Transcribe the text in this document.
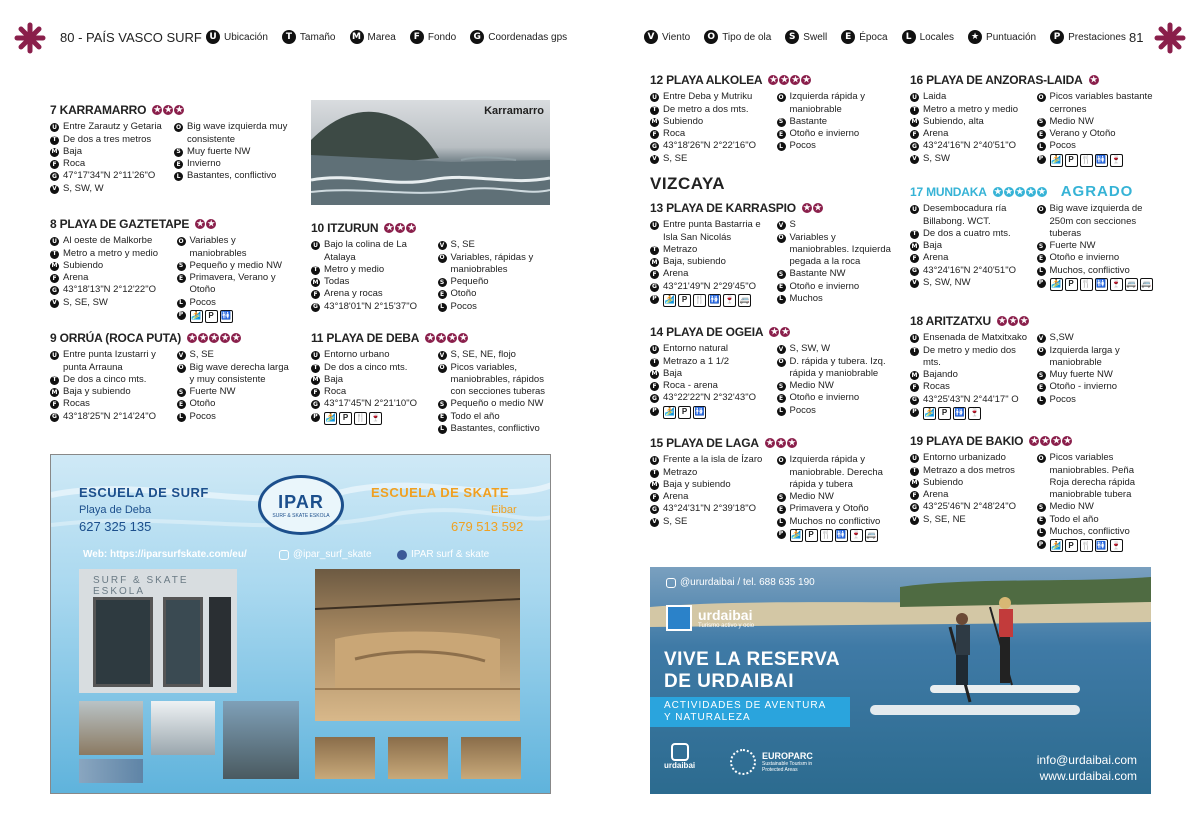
80 - PAÍS VASCO SURF U Ubicación	T Tamaño M Marea	F Fondo	G Coordenadas gps	V Viento	O Tipo de ola	S Swell	E Época	L Locales	★ Puntuación	P Prestaciones 81
Karramarro
7 KARRAMARRO ★ ★ ★
U Entre Zarautz y Getaria
T De dos a tres metros
M Baja
F Roca
G 47°17'34"N 2°11'26"O
V S, SW, W
O Big wave izquierda muy consistente
S Muy fuerte NW
E Invierno
L Bastantes, conflictivo
8 PLAYA DE GAZTETAPE ★ ★
U Al oeste de Malkorbe
T Metro a metro y medio
M Subiendo
F Arena
G 43°18'13"N 2°12'22"O
V S, SE, SW
O Variables y maniobrables
S Pequeño y medio NW
E Primavera, Verano y Otoño
L Pocos
P 🏄 P 🚻
9 ORRÚA (ROCA PUTA) ★ ★ ★ ★ ★
U Entre punta Izustarri y punta Arrauna
T De dos a cinco mts.
M Baja y subiendo
F Rocas
G 43°18'25"N 2°14'24"O
V S, SE
O Big wave derecha larga y muy consistente
S Fuerte NW
E Otoño
L Pocos
10 ITZURUN ★ ★ ★
U Bajo la colina de La Atalaya
T Metro y medio
M Todas
F Arena y rocas
G 43°18'01"N 2°15'37"O
V S, SE
O Variables, rápidas y maniobrables
S Pequeño
E Otoño
L Pocos
11 PLAYA DE DEBA ★ ★ ★ ★
U Entorno urbano
T De dos a cinco mts.
M Baja
F Roca
G 43°17'45"N 2°21'10"O
P 🏄 P 🍴 🍷
V S, SE, NE, flojo
O Picos variables, maniobrables, rápidos con secciones tuberas
S Pequeño o medio NW
E Todo el año
L Bastantes, conflictivo
12 PLAYA ALKOLEA ★ ★ ★ ★
U Entre Deba y Mutriku
T De metro a dos mts.
M Subiendo
F Roca
G 43°18'26"N 2°22'16"O
V S, SE
O Izquierda rápida y maniobrable
S Bastante
E Otoño e invierno
L Pocos
VIZCAYA
13 PLAYA DE KARRASPIO ★ ★
U Entre punta Bastarria e Isla San Nicolás
T Metrazo
M Baja, subiendo
F Arena
G 43°21'49"N 2°29'45"O
P 🏄 P 🍴 🚻 🍷 🚐
V S
O Variables y maniobrables. Izquierda pegada a la roca
S Bastante NW
E Otoño e invierno
L Muchos
14 PLAYA DE OGEIA ★ ★
U Entorno natural
T Metrazo a 1 1/2
M Baja
F Roca - arena
G 43°22'22"N 2°32'43"O
P 🏄 P 🚻
V S, SW, W
O D. rápida y tubera. Izq. rápida y maniobrable
S Medio NW
E Otoño e invierno
L Pocos
15 PLAYA DE LAGA ★ ★ ★
U Frente a la isla de Ízaro
T Metrazo
M Baja y subiendo
F Arena
G 43°24'31"N 2°39'18"O
V S, SE
O Izquierda rápida y maniobrable. Derecha rápida y tubera
S Medio NW
E Primavera y Otoño
L Muchos no conflictivo
P 🏄 P 🍴 🚻 🍷 🚐
16 PLAYA DE ANZORAS-LAIDA ★
U Laida
T Metro a metro y medio
M Subiendo, alta
F Arena
G 43°24'16"N 2°40'51"O
V S, SW
O Picos variables bastante cerrones
S Medio NW
E Verano y Otoño
L Pocos
P 🏄 P 🍴 🚻 🍷
17 MUNDAKA ★ ★ ★ ★ ★ AGRADO
U Desembocadura ría Billabong. WCT.
T De dos a cuatro mts.
M Baja
F Arena
G 43°24'16"N 2°40'51"O
V S, SW, NW
O Big wave izquierda de 250m con secciones tuberas
S Fuerte NW
E Otoño e invierno
L Muchos, conflictivo
P 🏄 P 🍴 🚻 🍷 🚐 🚐
18 ARITZATXU ★ ★ ★
U Ensenada de Matxitxako
T De metro y medio dos mts.
M Bajando
F Rocas
G 43°25'43"N 2°44'17" O
P 🏄 P 🚻 🍷
V S,SW
O Izquierda larga y maniobrable
S Muy fuerte NW
E Otoño - invierno
L Pocos
19 PLAYA DE BAKIO ★ ★ ★ ★
U Entorno urbanizado
T Metrazo a dos metros
M Subiendo
F Arena
G 43°25'46"N 2°48'24"O
V S, SE, NE
O Picos variables maniobrables. Peña Roja derecha rápida maniobrable tubera
S Medio NW
E Todo el año
L Muchos, conflictivo
P 🏄 P 🍴 🚻 🍷
ESCUELA DE SURF
Playa de Deba
627 325 135
IPAR
SURF & SKATE ESKOLA
ESCUELA DE SKATE
Eibar
679 513 592
Web: https://iparsurfskate.com/eu/	@ipar_surf_skate	IPAR surf & skate
SURF & SKATE ESKOLA
@ururdaibai / tel. 688 635 190
urdaibai
Turismo activo y ocio
VIVE LA RESERVA
DE URDAIBAI
ACTIVIDADES DE AVENTURA Y NATURALEZA
urdaibai
EUROPARC
Sustainable Tourism in Protected Areas
info@urdaibai.com
www.urdaibai.com
